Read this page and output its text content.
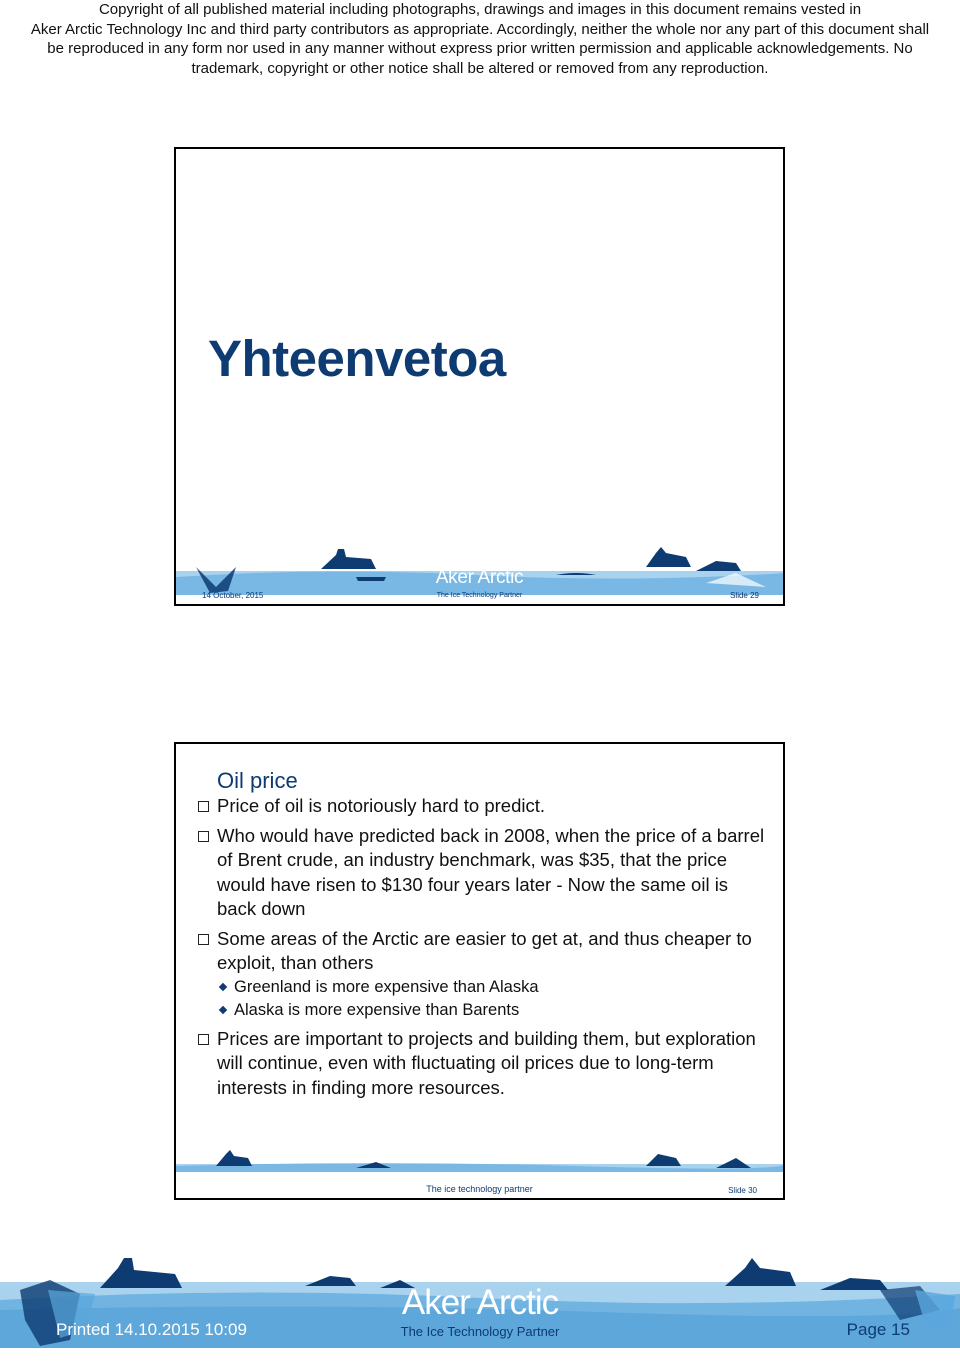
Copyright of all published material including photographs, drawings and images in this document remains vested in
Aker Arctic Technology Inc and third party contributors as appropriate. Accordingly, neither the whole nor any part of this document shall
be reproduced in any form nor used in any manner without express prior written permission and applicable acknowledgements. No
trademark, copyright or other notice shall be altered or removed from any reproduction.
Yhteenvetoa
Aker Arctic
14 October, 2015	The Ice Technology Partner	Slide 29
Oil price
Price of oil is notoriously hard to predict.
Who would have predicted back in 2008, when the price of a barrel of Brent crude, an industry benchmark, was $35, that the price would have risen to $130 four years later - Now the same oil is back down
Some areas of the Arctic are easier to get at, and thus cheaper to exploit, than others
Greenland is more expensive than Alaska
Alaska is more expensive than Barents
Prices are important to projects and building them, but exploration will continue, even with fluctuating oil prices due to long-term interests in finding more resources.
The ice technology partner	Slide 30
Aker Arctic
Printed 14.10.2015 10:09	The Ice Technology Partner	Page 15
